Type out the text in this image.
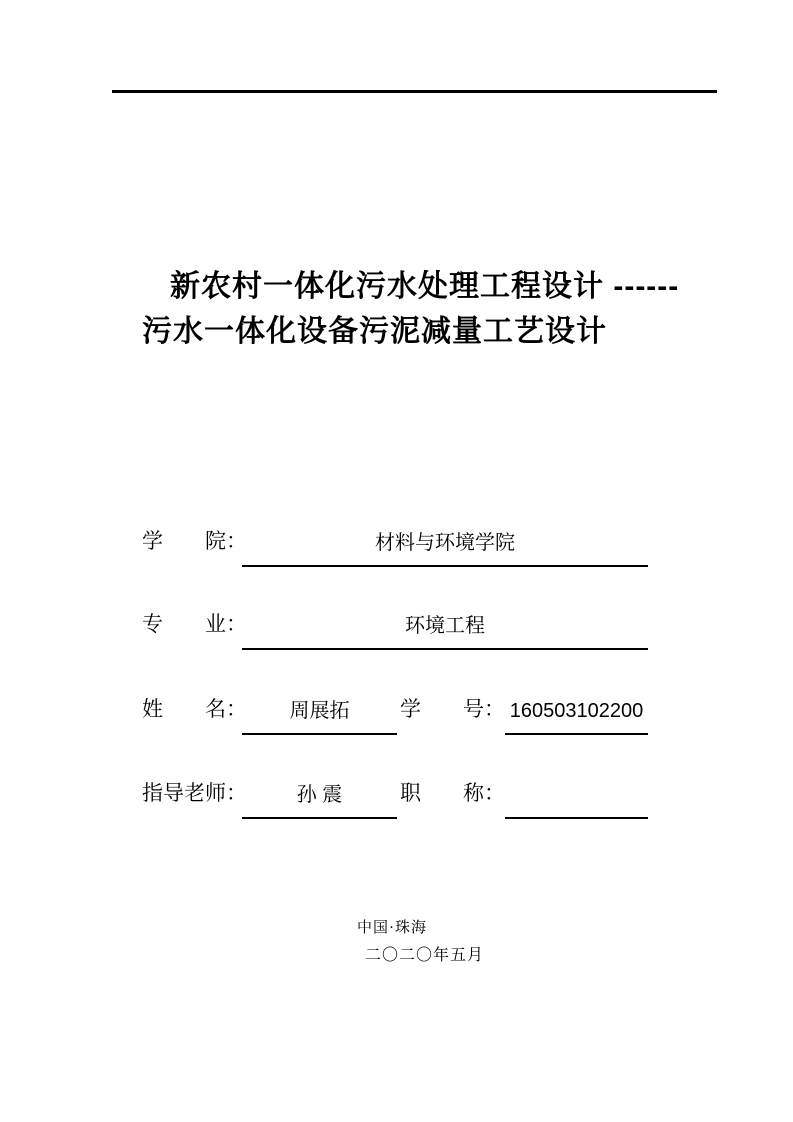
新农村一体化污水处理工程设计 ------
污水一体化设备污泥减量工艺设计
学　　院：	材料与环境学院
专　　业：	环境工程
姓　　名： 周展拓 学　　号： 160503102200
指导老师： 孙 震	职　　称：
中国·珠海
二〇二〇年五月
